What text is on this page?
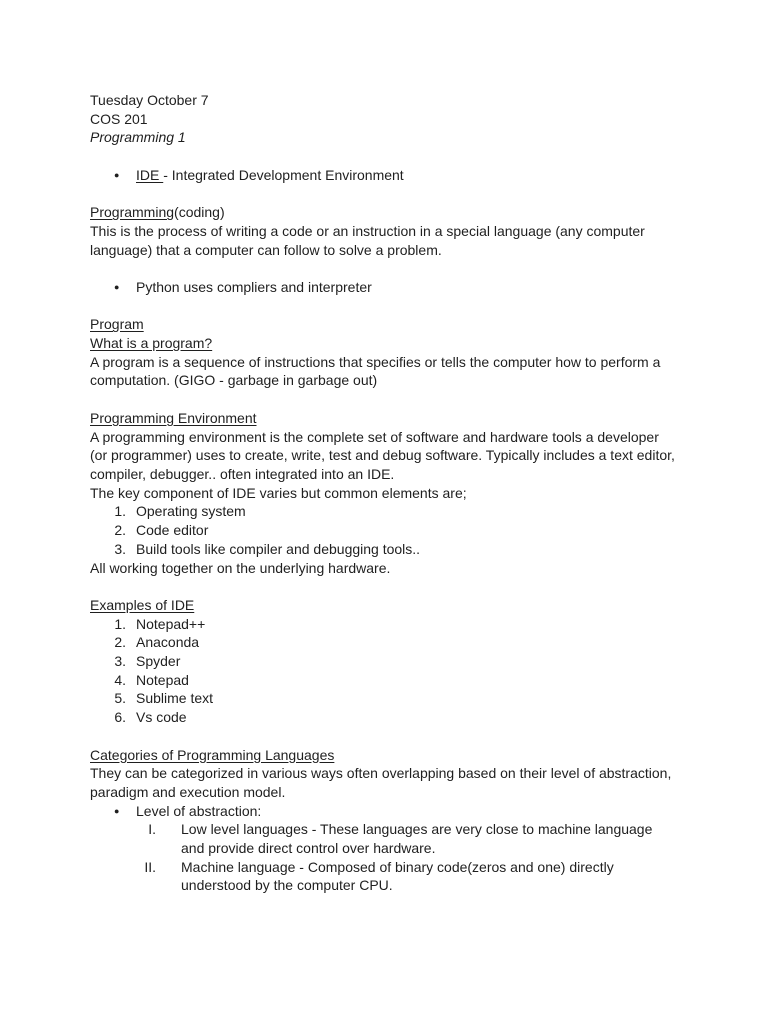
Tuesday October 7

COS 201

Programming 1

● IDE - Integrated Development Environment

Programming(coding)

This is the process of writing a code or an instruction in a special language (any computer language) that a computer can follow to solve a problem.

● Python uses compliers and interpreter

Program

What is a program?

A program is a sequence of instructions that specifies or tells the computer how to perform a computation. (GIGO - garbage in garbage out)

Programming Environment

A programming environment is the complete set of software and hardware tools a developer (or programmer) uses to create, write, test and debug software. Typically includes a text editor, compiler, debugger.. often integrated into an IDE.

The key component of IDE varies but common elements are;

1. Operating system
2. Code editor
3. Build tools like compiler and debugging tools..

All working together on the underlying hardware.

Examples of IDE

1. Notepad++
2. Anaconda
3. Spyder
4. Notepad
5. Sublime text
6. Vs code

Categories of Programming Languages

They can be categorized in various ways often overlapping based on their level of abstraction, paradigm and execution model.

● Level of abstraction:
I. Low level languages - These languages are very close to machine language and provide direct control over hardware.
II. Machine language - Composed of binary code(zeros and one) directly understood by the computer CPU.
